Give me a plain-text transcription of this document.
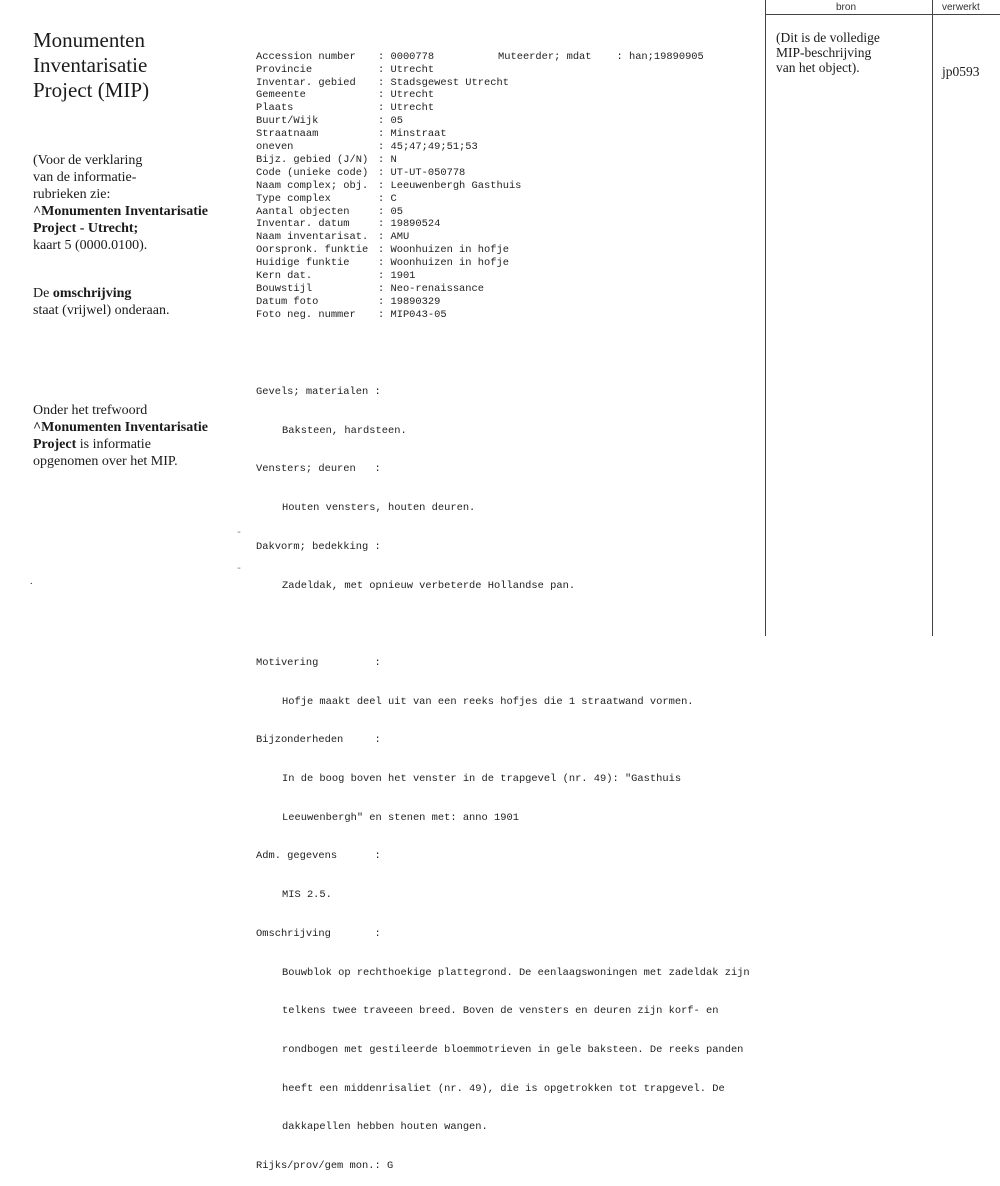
Monumenten
Inventarisatie
Project (MIP)

(Voor de verklaring
van de informatie-
rubrieken zie:
^Monumenten Inventarisatie
Project - Utrecht;
kaart 5 (0000.0100).

De omschrijving
staat (vrijwel) onderaan.

Onder het trefwoord
^Monumenten Inventarisatie
Project is informatie
opgenomen over het MIP.

.

Accession number : 0000778	Muteerder; mdat : han;19890905
Provincie	: Utrecht
Inventar. gebied : Stadsgewest Utrecht
Gemeente	: Utrecht
Plaats	: Utrecht
Buurt/Wijk	: 05
Straatnaam	: Minstraat
oneven	: 45;47;49;51;53
Bijz. gebied (J/N) : N
Code (unieke code) : UT-UT-050778
Naam complex; obj. : Leeuwenbergh Gasthuis
Type complex	: C
Aantal objecten	: 05
Inventar. datum	: 19890524
Naam inventarisat. : AMU
Oorspronk. funktie : Woonhuizen in hofje
Huidige funktie	: Woonhuizen in hofje
Kern dat.	: 1901
Bouwstijl	: Neo-renaissance
Datum foto	: 19890329
Foto neg. nummer : MIP043-05

Gevels; materialen :

Baksteen, hardsteen.

Vensters; deuren   :

Houten vensters, houten deuren.

Dakvorm; bedekking :

Zadeldak, met opnieuw verbeterde Hollandse pan.

Motivering         :

Hofje maakt deel uit van een reeks hofjes die 1 straatwand vormen.

Bijzonderheden     :

In de boog boven het venster in de trapgevel (nr. 49): "Gasthuis

Leeuwenbergh" en stenen met: anno 1901

Adm. gegevens      :

MIS 2.5.

Omschrijving       :

Bouwblok op rechthoekige plattegrond. De eenlaagswoningen met zadeldak zijn

telkens twee traveeen breed. Boven de vensters en deuren zijn korf- en

rondbogen met gestileerde bloemmotrieven in gele baksteen. De reeks panden

heeft een middenrisaliet (nr. 49), die is opgetrokken tot trapgevel. De

dakkapellen hebben houten wangen.

Rijks/prov/gem mon.: G

-
-
bron	verwerkt
(Dit is de volledige
MIP-beschrijving
van het object).	jp0593
